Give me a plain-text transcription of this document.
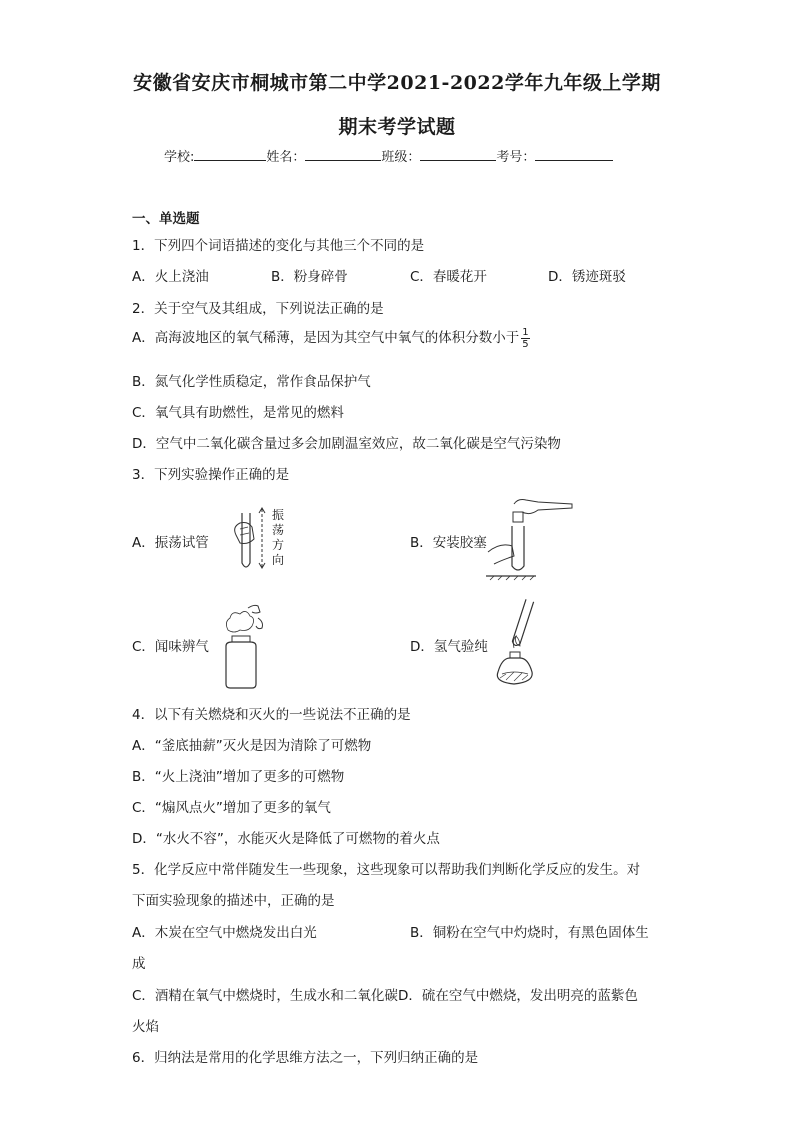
安徽省安庆市桐城市第二中学2021-2022学年九年级上学期
期末考学试题
学校:	姓名：	班级：	考号：
一、单选题
1．下列四个词语描述的变化与其他三个不同的是
A．火上浇油	B．粉身碎骨	C．春暖花开	D．锈迹斑驳
2．关于空气及其组成，下列说法正确的是
A．高海波地区的氧气稀薄，是因为其空气中氧气的体积分数小于 $\frac{1}{5}$
B．氮气化学性质稳定，常作食品保护气
C．氧气具有助燃性，是常见的燃料
D．空气中二氧化碳含量过多会加剧温室效应，故二氧化碳是空气污染物
3．下列实验操作正确的是
A．振荡试管
振
荡
方
向
B．安装胶塞
C．闻味辨气	D．氢气验纯
4．以下有关燃烧和灭火的一些说法不正确的是
A．“釜底抽薪”灭火是因为清除了可燃物
B．“火上浇油”增加了更多的可燃物
C．“煽风点火”增加了更多的氧气
D．“水火不容”，水能灭火是降低了可燃物的着火点
5．化学反应中常伴随发生一些现象，这些现象可以帮助我们判断化学反应的发生。对
下面实验现象的描述中，正确的是
A．木炭在空气中燃烧发出白光	B．铜粉在空气中灼烧时，有黑色固体生
成
C．酒精在氧气中燃烧时，生成水和二氧化碳D．硫在空气中燃烧，发出明亮的蓝紫色
火焰
6．归纳法是常用的化学思维方法之一，下列归纳正确的是
